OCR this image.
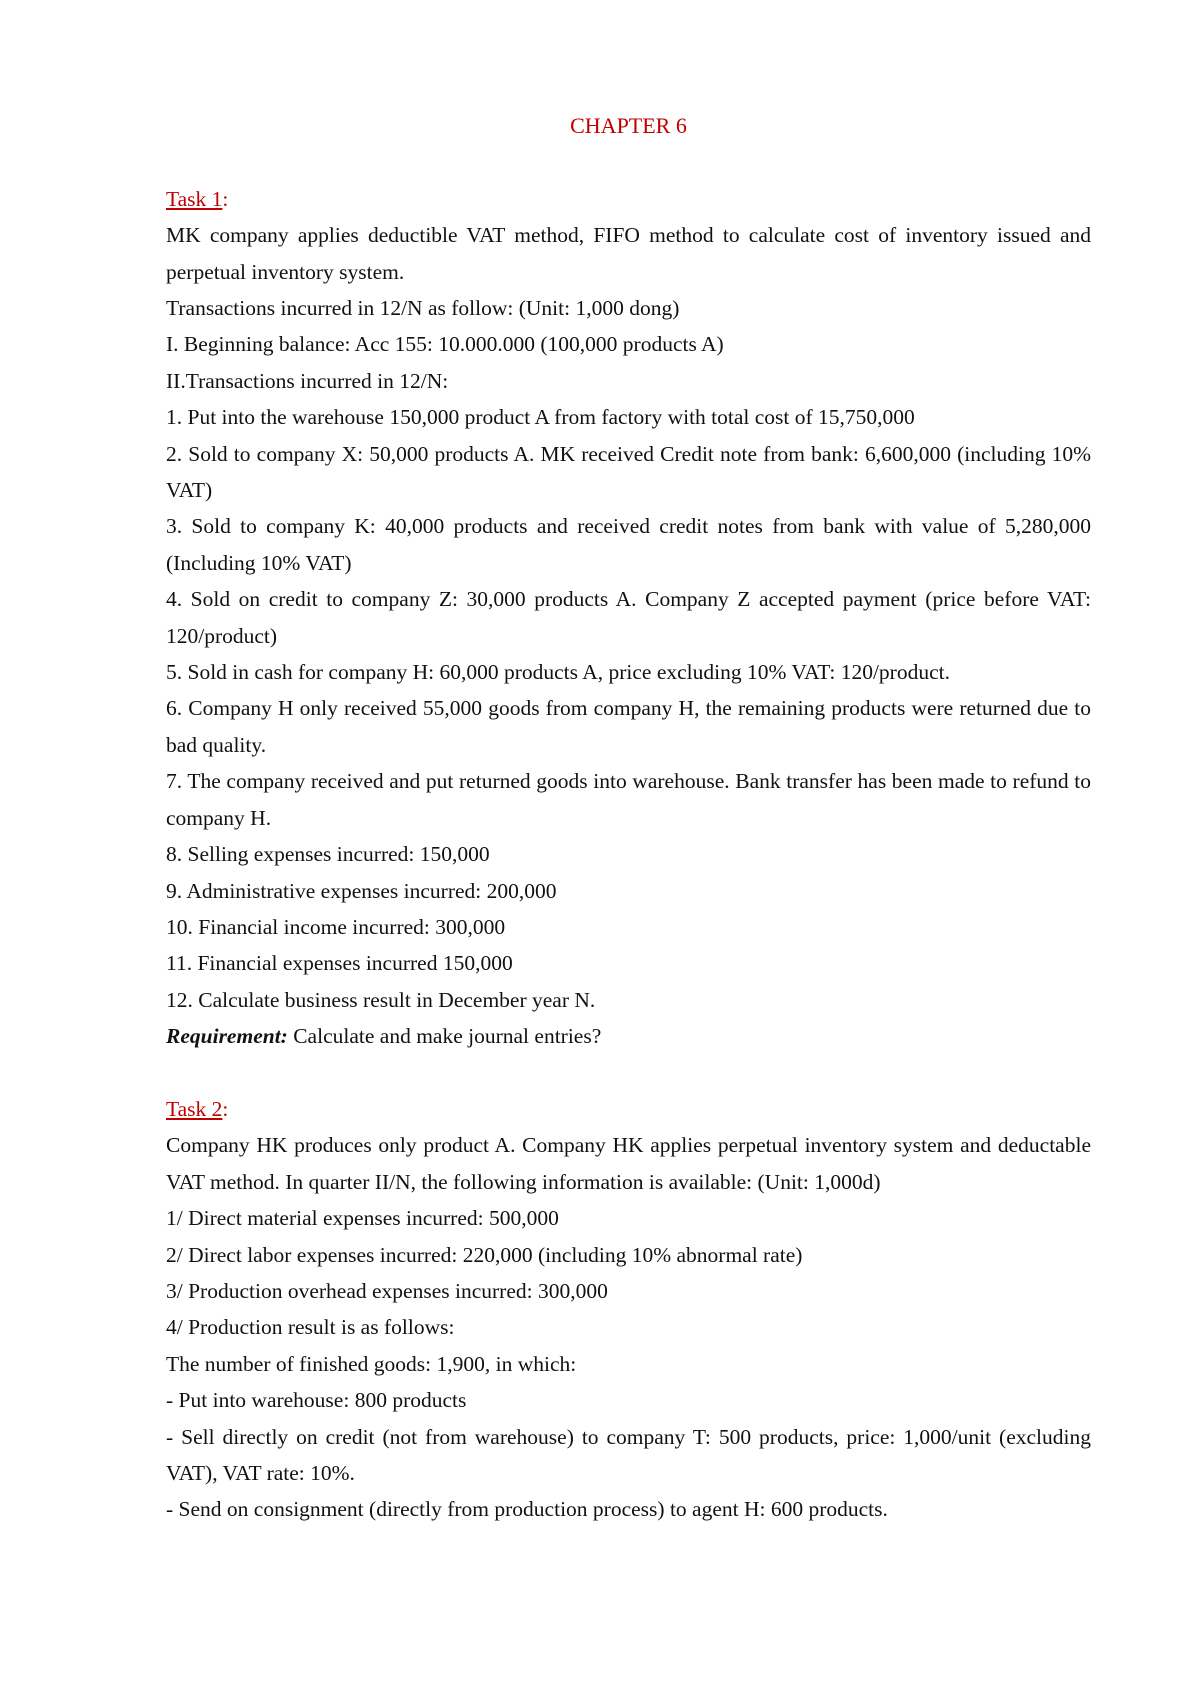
CHAPTER 6

Task 1:

MK company applies deductible VAT method, FIFO method to calculate cost of inventory issued and perpetual inventory system.

Transactions incurred in 12/N as follow: (Unit: 1,000 dong)

I. Beginning balance: Acc 155: 10.000.000 (100,000 products A)

II.Transactions incurred in 12/N:

1. Put into the warehouse 150,000 product A from factory with total cost of 15,750,000

2. Sold to company X: 50,000 products A. MK received Credit note from bank: 6,600,000 (including 10% VAT)

3. Sold to company K: 40,000 products and received credit notes from bank with value of 5,280,000 (Including 10% VAT)

4. Sold on credit to company Z: 30,000 products A. Company Z accepted payment (price before VAT: 120/product)

5. Sold in cash for company H: 60,000 products A, price excluding 10% VAT: 120/product.

6. Company H only received 55,000 goods from company H, the remaining products were returned due to bad quality.

7. The company received and put returned goods into warehouse. Bank transfer has been made to refund to company H.

8. Selling expenses incurred: 150,000

9. Administrative expenses incurred: 200,000

10. Financial income incurred: 300,000

11. Financial expenses incurred 150,000

12. Calculate business result in December year N.

Requirement: Calculate and make journal entries?

Task 2:

Company HK produces only product A. Company HK applies perpetual inventory system and deductable VAT method. In quarter II/N, the following information is available: (Unit: 1,000d)

1/ Direct material expenses incurred: 500,000

2/ Direct labor expenses incurred: 220,000 (including 10% abnormal rate)

3/ Production overhead expenses incurred: 300,000

4/ Production result is as follows:

The number of finished goods: 1,900, in which:

- Put into warehouse: 800 products

- Sell directly on credit (not from warehouse) to company T: 500 products, price: 1,000/unit (excluding VAT), VAT rate: 10%.

- Send on consignment (directly from production process) to agent H: 600 products.
